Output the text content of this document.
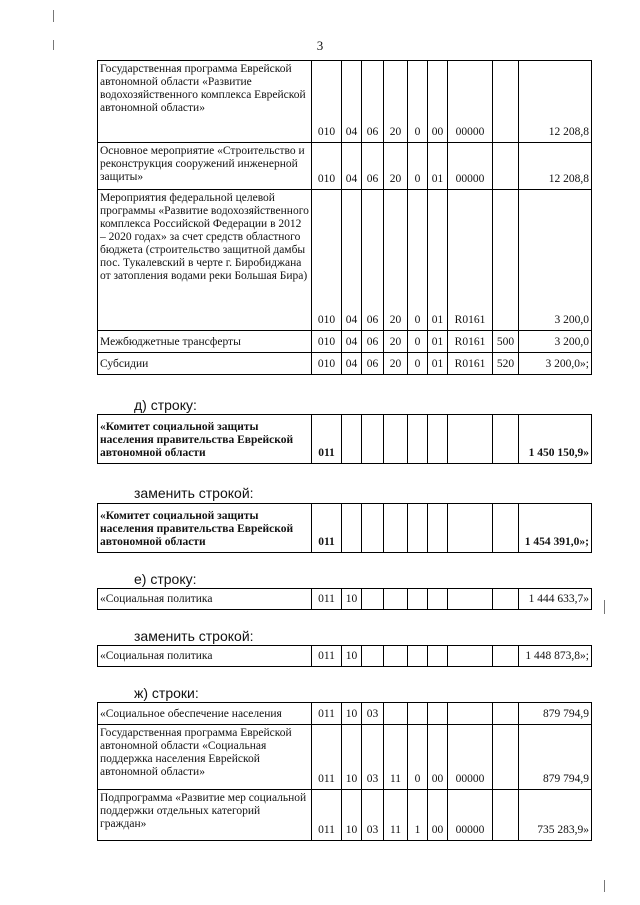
3
Государственная программа Еврейской автономной области «Развитие водохозяйственного комплекса Еврейской автономной области»	010	04	06	20	0	00	00000		12 208,8
Основное мероприятие «Строительство и реконструкция сооружений инженерной защиты»	010	04	06	20	0	01	00000		12 208,8
Мероприятия федеральной целевой программы «Развитие водохозяйственного комплекса Российской Федерации в 2012 – 2020 годах» за счет средств областного бюджета (строительство защитной дамбы пос. Тукалевский в черте г. Биробиджана от затопления водами реки Большая Бира)	010	04	06	20	0	01	R0161		3 200,0
Межбюджетные трансферты	010	04	06	20	0	01	R0161	500	3 200,0
Субсидии	010	04	06	20	0	01	R0161	520	3 200,0»;
д) строку:
«Комитет социальной защиты населения правительства Еврейской автономной области	011								1 450 150,9»
заменить строкой:
«Комитет социальной защиты населения правительства Еврейской автономной области	011								1 454 391,0»;
е) строку:
«Социальная политика	011	10							1 444 633,7»
заменить строкой:
«Социальная политика	011	10							1 448 873,8»;
ж) строки:
«Социальное обеспечение населения	011	10	03						879 794,9
Государственная программа Еврейской автономной области «Социальная поддержка населения Еврейской автономной области»	011	10	03	11	0	00	00000		879 794,9
Подпрограмма «Развитие мер социальной поддержки отдельных категорий граждан»	011	10	03	11	1	00	00000		735 283,9»
